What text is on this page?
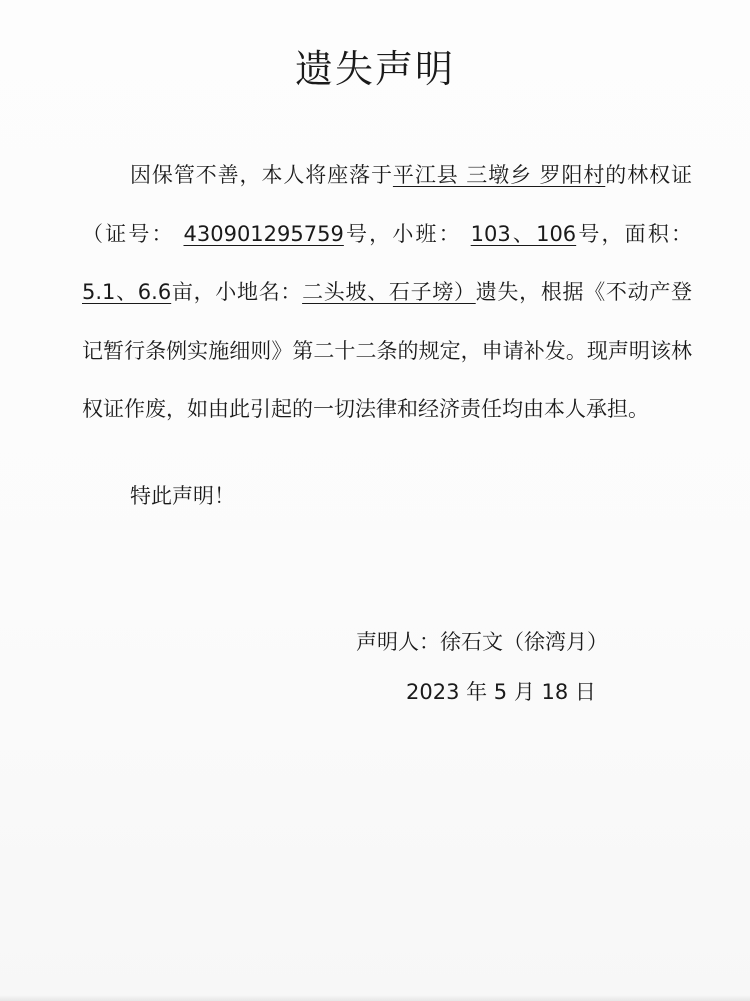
遗失声明

因保管不善，本人将座落于平江县 三墩乡 罗阳村的林权证（证号： 430901295759号，小班： 103、106号，面积： 5.1、6.6亩，小地名：二头坡、石子塝）遗失，根据《不动产登记暂行条例实施细则》第二十二条的规定，申请补发。现声明该林权证作废，如由此引起的一切法律和经济责任均由本人承担。

特此声明！
声明人：徐石文（徐湾月）
2023 年 5 月 18 日
